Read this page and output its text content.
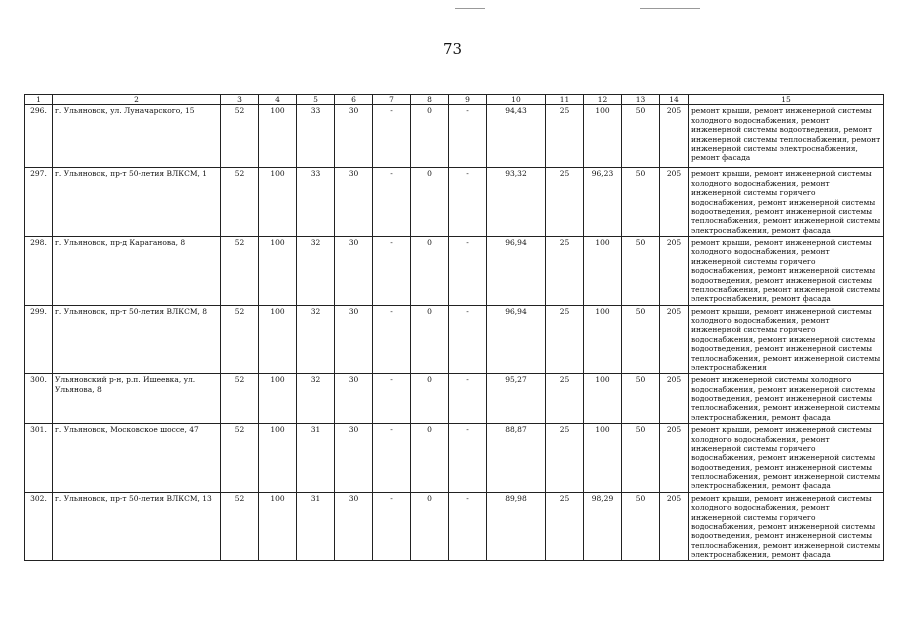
73
1	2	3	4	5	6	7	8	9	10	11	12	13	14	15
296.	г. Ульяновск, ул. Луначарского, 15	52	100	33	30	-	0	-	94,43	25	100	50	205	ремонт крыши, ремонт инженерной системы холодного водоснабжения, ремонт инженерной системы водоотведения, ремонт инженерной системы теплоснабжения, ремонт инженерной системы электроснабжения, ремонт фасада
297.	г. Ульяновск, пр-т 50-летия ВЛКСМ, 1	52	100	33	30	-	0	-	93,32	25	96,23	50	205	ремонт крыши, ремонт инженерной системы холодного водоснабжения, ремонт инженерной системы горячего водоснабжения, ремонт инженерной системы водоотведения, ремонт инженерной системы теплоснабжения, ремонт инженерной системы электроснабжения, ремонт фасада
298.	г. Ульяновск, пр-д Караганова, 8	52	100	32	30	-	0	-	96,94	25	100	50	205	ремонт крыши, ремонт инженерной системы холодного водоснабжения, ремонт инженерной системы горячего водоснабжения, ремонт инженерной системы водоотведения, ремонт инженерной системы теплоснабжения, ремонт инженерной системы электроснабжения, ремонт фасада
299.	г. Ульяновск, пр-т 50-летия ВЛКСМ, 8	52	100	32	30	-	0	-	96,94	25	100	50	205	ремонт крыши, ремонт инженерной системы холодного водоснабжения, ремонт инженерной системы горячего водоснабжения, ремонт инженерной системы водоотведения, ремонт инженерной системы теплоснабжения, ремонт инженерной системы электроснабжения
300.	Ульяновский р-н, р.п. Ишеевка, ул. Ульянова, 8	52	100	32	30	-	0	-	95,27	25	100	50	205	ремонт инженерной системы холодного водоснабжения, ремонт инженерной системы водоотведения, ремонт инженерной системы теплоснабжения, ремонт инженерной системы электроснабжения, ремонт фасада
301.	г. Ульяновск, Московское шоссе, 47	52	100	31	30	-	0	-	88,87	25	100	50	205	ремонт крыши, ремонт инженерной системы холодного водоснабжения, ремонт инженерной системы горячего водоснабжения, ремонт инженерной системы водоотведения, ремонт инженерной системы теплоснабжения, ремонт инженерной системы электроснабжения, ремонт фасада
302.	г. Ульяновск, пр-т 50-летия ВЛКСМ, 13	52	100	31	30	-	0	-	89,98	25	98,29	50	205	ремонт крыши, ремонт инженерной системы холодного водоснабжения, ремонт инженерной системы горячего водоснабжения, ремонт инженерной системы водоотведения, ремонт инженерной системы теплоснабжения, ремонт инженерной системы электроснабжения, ремонт фасада
